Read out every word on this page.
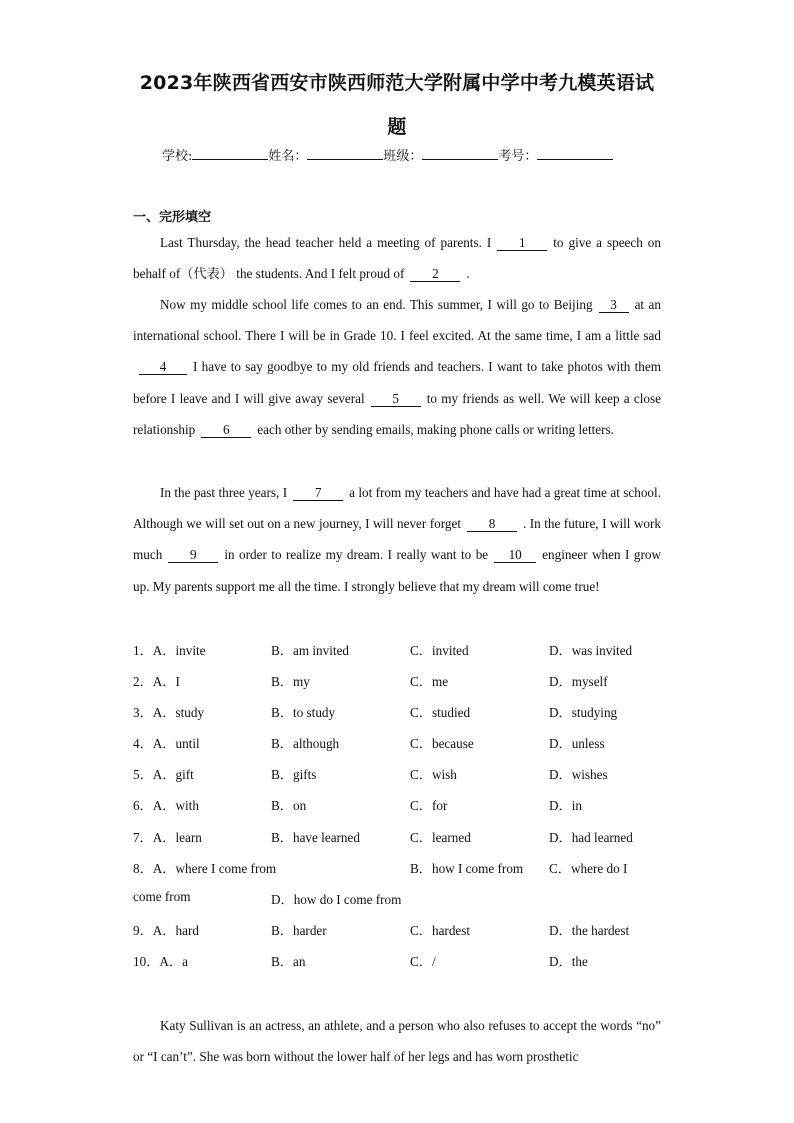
2023年陕西省西安市陕西师范大学附属中学中考九模英语试
题
学校:	姓名：	班级：	考号：
一、完形填空

Last Thursday, the head teacher held a meeting of parents. I 1 to give a speech on behalf of（代表） the students. And I felt proud of 2 .

Now my middle school life comes to an end. This summer, I will go to Beijing 3 at an international school. There I will be in Grade 10. I feel excited. At the same time, I am a little sad4 I have to say goodbye to my old friends and teachers. I want to take photos with them before I leave and I will give away several 5 to my friends as well. We will keep a close relationship 6 each other by sending emails, making phone calls or writing letters.

In the past three years, I 7 a lot from my teachers and have had a great time at school. Although we will set out on a new journey, I will never forget 8 . In the future, I will work much 9 in order to realize my dream. I really want to be 10 engineer when I grow up. My parents support me all the time. I strongly believe that my dream will come true!

1．A．invite	B．am invited	C．invited	D．was invited
2．A．I	B．my	C．me	D．myself
3．A．study	B．to study	C．studied	D．studying
4．A．until	B．although	C．because	D．unless
5．A．gift	B．gifts	C．wish	D．wishes
6．A．with	B．on	C．for	D．in
7．A．learn	B．have learned	C．learned	D．had learned
8．A．where I come from	B．how I come from C．where do I
come from	D．how do I come from
9．A．hard	B．harder	C．hardest	D．the hardest
10．A．a	B．an	C．/	D．the

Katy Sullivan is an actress, an athlete, and a person who also refuses to accept the words “no” or “I can’t”. She was born without the lower half of her legs and has worn prosthetic
